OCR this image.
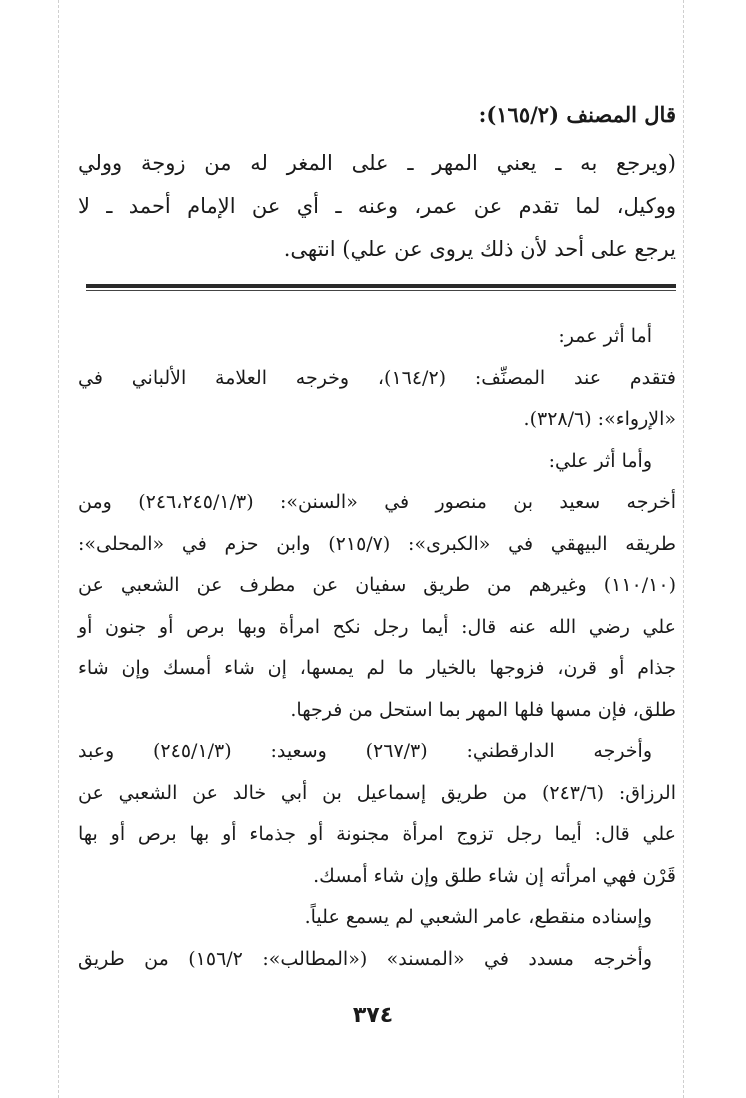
قال المصنف (١٦٥/٢):

(ويرجع به ـ يعني المهر ـ على المغر له من زوجة وولي

ووكيل، لما تقدم عن عمر، وعنه ـ أي عن الإمام أحمد ـ لا

يرجع على أحد لأن ذلك يروى عن علي) انتهى.

أما أثر عمر:

فتقدم عند المصنِّف: (١٦٤/٢)، وخرجه العلامة الألباني في

«الإرواء»: (٣٢٨/٦).

وأما أثر علي:

أخرجه سعيد بن منصور في «السنن»: (٢٤٦،٢٤٥/١/٣) ومن

طريقه البيهقي في «الكبرى»: (٢١٥/٧) وابن حزم في «المحلى»:

(١١٠/١٠) وغيرهم من طريق سفيان عن مطرف عن الشعبي عن

علي رضي الله عنه قال: أيما رجل نكح امرأة وبها برص أو جنون أو

جذام أو قرن، فزوجها بالخيار ما لم يمسها، إن شاء أمسك وإن شاء

طلق، فإن مسها فلها المهر بما استحل من فرجها.

وأخرجه الدارقطني: (٢٦٧/٣) وسعيد: (٢٤٥/١/٣) وعبد

الرزاق: (٢٤٣/٦) من طريق إسماعيل بن أبي خالد عن الشعبي عن

علي قال: أيما رجل تزوج امرأة مجنونة أو جذماء أو بها برص أو بها

قَرْن فهي امرأته إن شاء طلق وإن شاء أمسك.

وإسناده منقطع، عامر الشعبي لم يسمع علياً.

وأخرجه مسدد في «المسند» («المطالب»: ١٥٦/٢) من طريق

٣٧٤
